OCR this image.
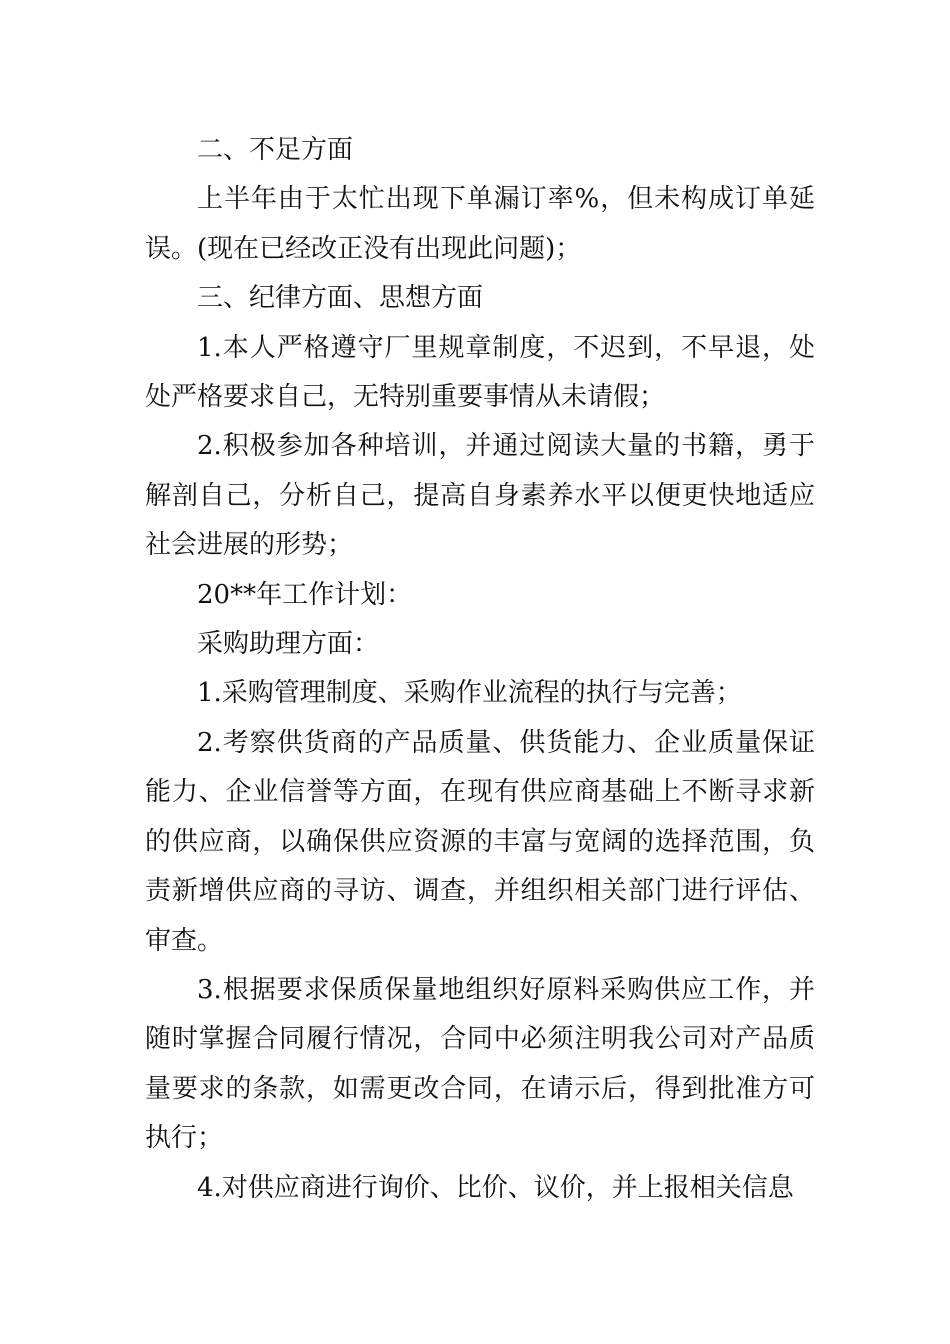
二、不足方面

上半年由于太忙出现下单漏订率%，但未构成订单延误。(现在已经改正没有出现此问题)；

三、纪律方面、思想方面

1.本人严格遵守厂里规章制度，不迟到，不早退，处处严格要求自己，无特别重要事情从未请假；

2.积极参加各种培训，并通过阅读大量的书籍，勇于解剖自己，分析自己，提高自身素养水平以便更快地适应社会进展的形势；

20**年工作计划：

采购助理方面：

1.采购管理制度、采购作业流程的执行与完善；

2.考察供货商的产品质量、供货能力、企业质量保证能力、企业信誉等方面，在现有供应商基础上不断寻求新的供应商，以确保供应资源的丰富与宽阔的选择范围，负责新增供应商的寻访、调查，并组织相关部门进行评估、审查。

3.根据要求保质保量地组织好原料采购供应工作，并随时掌握合同履行情况，合同中必须注明我公司对产品质量要求的条款，如需更改合同，在请示后，得到批准方可执行；

4.对供应商进行询价、比价、议价，并上报相关信息
